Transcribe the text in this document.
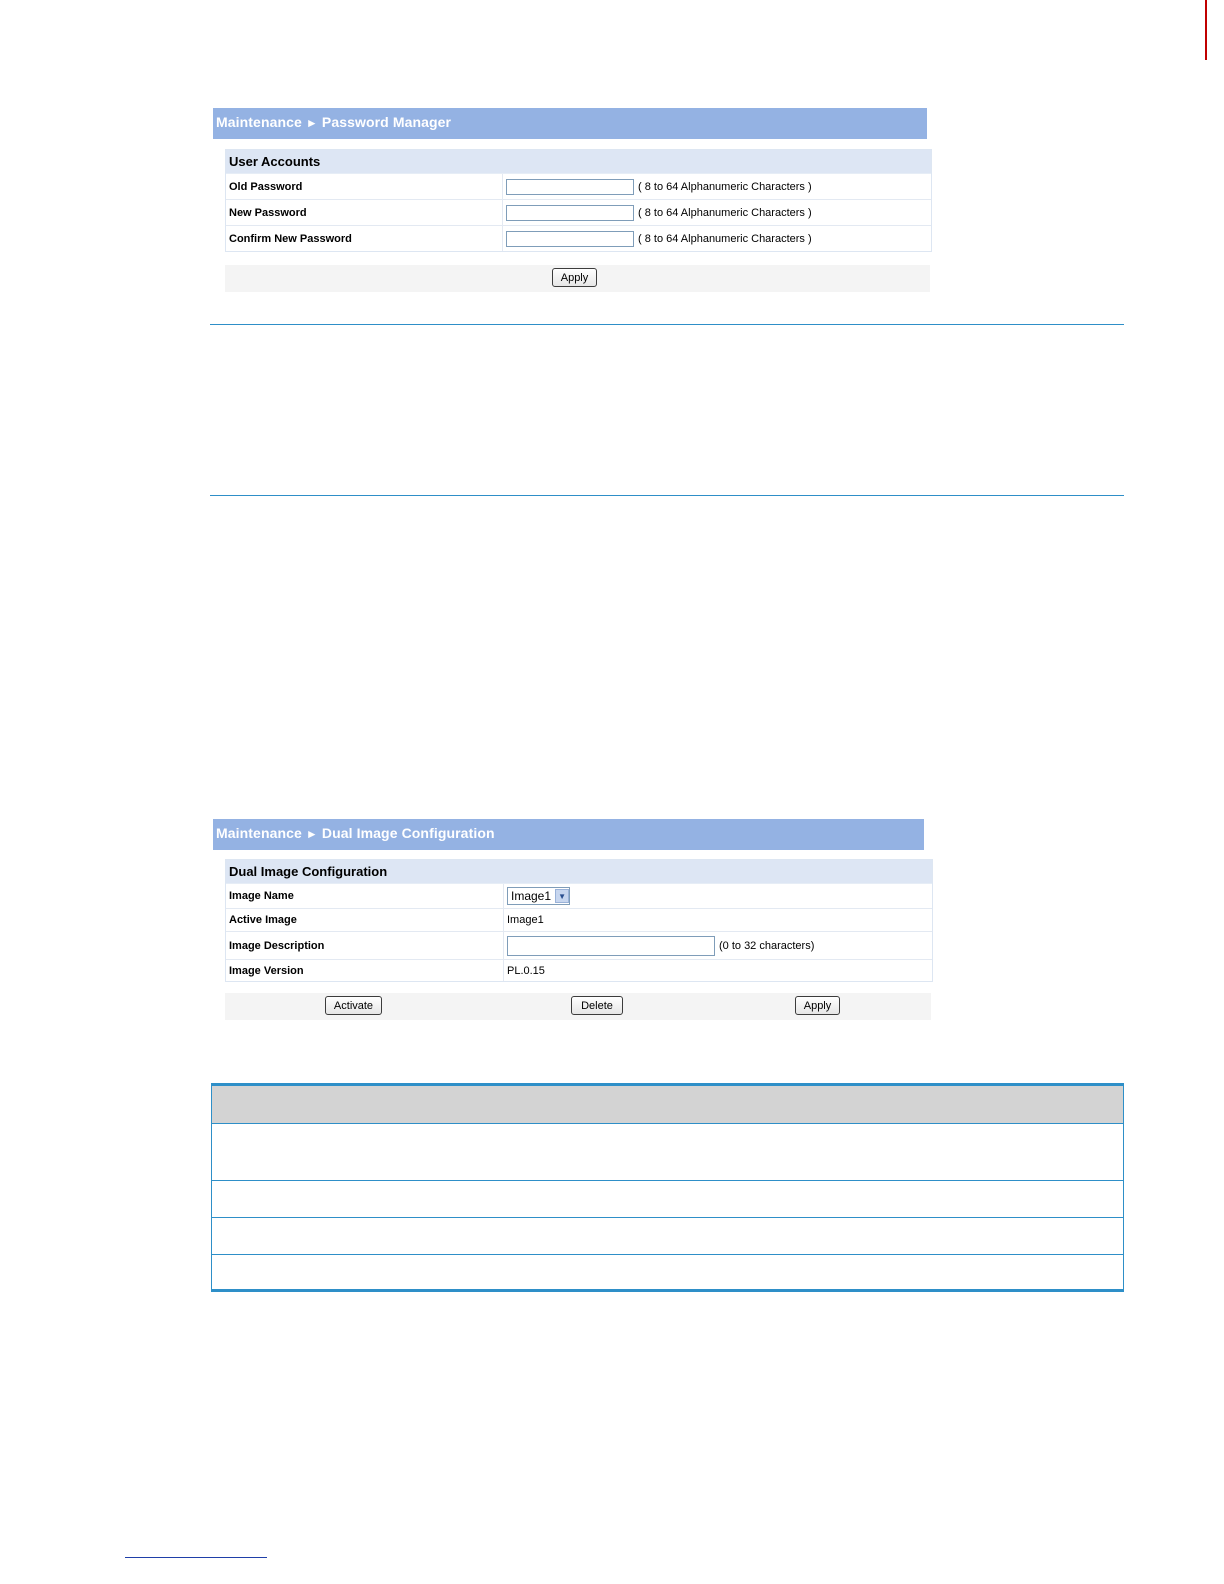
Maintenance ► Password Manager
User Accounts
Old Password	( 8 to 64 Alphanumeric Characters )
New Password	( 8 to 64 Alphanumeric Characters )
Confirm New Password	( 8 to 64 Alphanumeric Characters )
Apply
Maintenance ► Dual Image Configuration
Dual Image Configuration
Image Name	Image1 ▼
Active Image	Image1
Image Description	(0 to 32 characters)
Image Version	PL.0.15
Activate	Delete	Apply
